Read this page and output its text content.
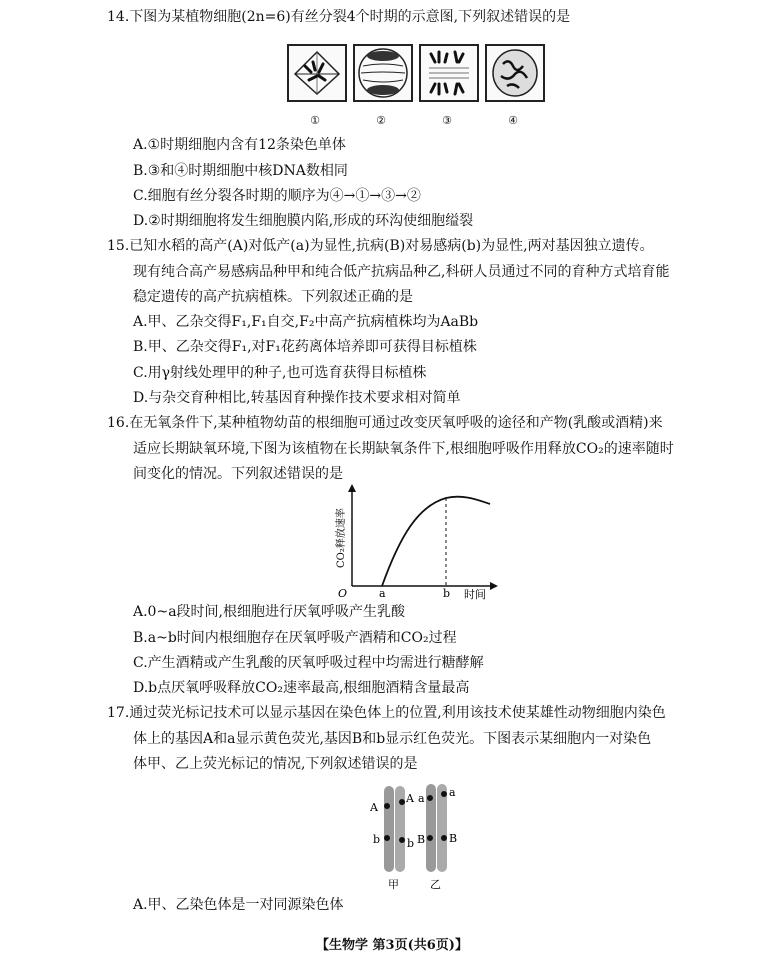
14.下图为某植物细胞(2n=6)有丝分裂4个时期的示意图,下列叙述错误的是
①	②	③	④
A.①时期细胞内含有12条染色单体
B.③和④时期细胞中核DNA数相同
C.细胞有丝分裂各时期的顺序为④→①→③→②
D.②时期细胞将发生细胞膜内陷,形成的环沟使细胞缢裂
15.已知水稻的高产(A)对低产(a)为显性,抗病(B)对易感病(b)为显性,两对基因独立遗传。
现有纯合高产易感病品种甲和纯合低产抗病品种乙,科研人员通过不同的育种方式培育能
稳定遗传的高产抗病植株。下列叙述正确的是
A.甲、乙杂交得F₁,F₁自交,F₂中高产抗病植株均为AaBb
B.甲、乙杂交得F₁,对F₁花药离体培养即可获得目标植株
C.用γ射线处理甲的种子,也可选育获得目标植株
D.与杂交育种相比,转基因育种操作技术要求相对简单
16.在无氧条件下,某种植物幼苗的根细胞可通过改变厌氧呼吸的途径和产物(乳酸或酒精)来
适应长期缺氧环境,下图为该植物在长期缺氧条件下,根细胞呼吸作用释放CO₂的速率随时
间变化的情况。下列叙述错误的是
O	a	b 时间
CO₂释放速率
A.0~a段时间,根细胞进行厌氧呼吸产生乳酸
B.a~b时间内根细胞存在厌氧呼吸产酒精和CO₂过程
C.产生酒精或产生乳酸的厌氧呼吸过程中均需进行糖酵解
D.b点厌氧呼吸释放CO₂速率最高,根细胞酒精含量最高
17.通过荧光标记技术可以显示基因在染色体上的位置,利用该技术使某雄性动物细胞内染色
体上的基因A和a显示黄色荧光,基因B和b显示红色荧光。下图表示某细胞内一对染色
体甲、乙上荧光标记的情况,下列叙述错误的是
A
A
b b
a a
B B
甲	乙
A.甲、乙染色体是一对同源染色体
【生物学 第3页(共6页)】
